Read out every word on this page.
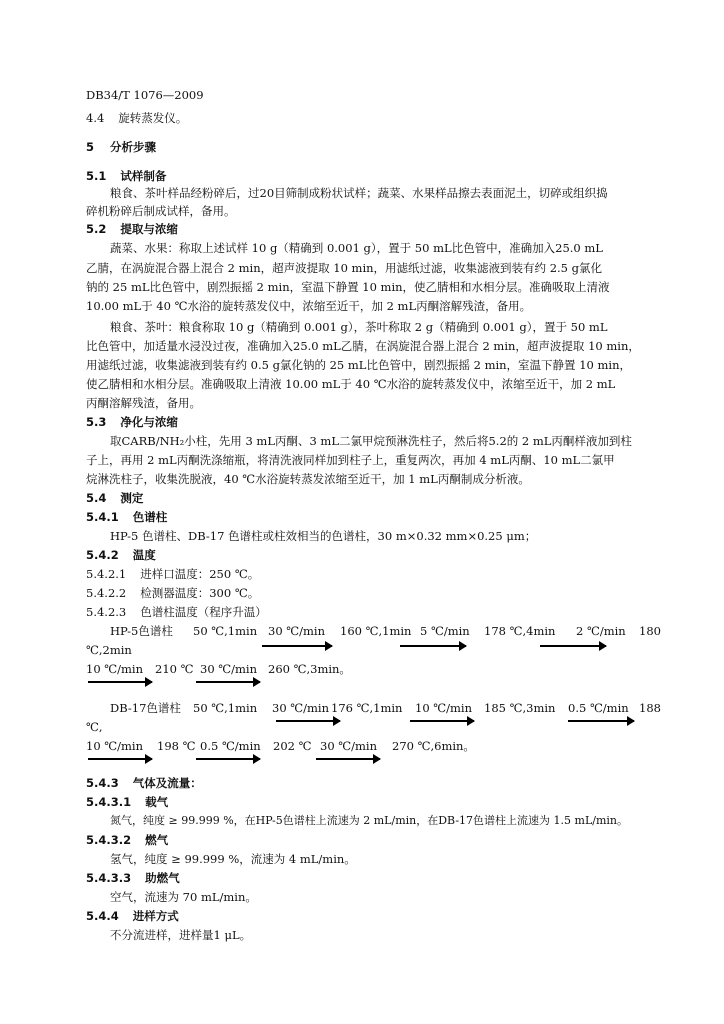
DB34/T 1076—2009
4.4 旋转蒸发仪。
5 分析步骤
5.1 试样制备
粮食、茶叶样品经粉碎后，过20目筛制成粉状试样；蔬菜、水果样品擦去表面泥土，切碎或组织捣
碎机粉碎后制成试样，备用。
5.2 提取与浓缩
蔬菜、水果：称取上述试样 10 g（精确到 0.001 g），置于 50 mL比色管中，准确加入25.0 mL
乙腈，在涡旋混合器上混合 2 min，超声波提取 10 min，用滤纸过滤，收集滤液到装有约 2.5 g氯化
钠的 25 mL比色管中，剧烈振摇 2 min，室温下静置 10 min，使乙腈相和水相分层。准确吸取上清液
10.00 mL于 40 ℃水浴的旋转蒸发仪中，浓缩至近干，加 2 mL丙酮溶解残渣，备用。
粮食、茶叶：粮食称取 10 g（精确到 0.001 g），茶叶称取 2 g（精确到 0.001 g），置于 50 mL
比色管中，加适量水浸没过夜，准确加入25.0 mL乙腈，在涡旋混合器上混合 2 min，超声波提取 10 min，
用滤纸过滤，收集滤液到装有约 0.5 g氯化钠的 25 mL比色管中，剧烈振摇 2 min，室温下静置 10 min，
使乙腈相和水相分层。准确吸取上清液 10.00 mL于 40 ℃水浴的旋转蒸发仪中，浓缩至近干，加 2 mL
丙酮溶解残渣，备用。
5.3 净化与浓缩
取CARB/NH₂小柱，先用 3 mL丙酮、3 mL二氯甲烷预淋洗柱子，然后将5.2的 2 mL丙酮样液加到柱
子上，再用 2 mL丙酮洗涤缩瓶，将清洗液同样加到柱子上，重复两次，再加 4 mL丙酮、10 mL二氯甲
烷淋洗柱子，收集洗脱液，40 ℃水浴旋转蒸发浓缩至近干，加 1 mL丙酮制成分析液。
5.4 测定
5.4.1 色谱柱
HP-5 色谱柱、DB-17 色谱柱或柱效相当的色谱柱，30 m×0.32 mm×0.25 μm；
5.4.2 温度
5.4.2.1 进样口温度：250 ℃。
5.4.2.2 检测器温度：300 ℃。
5.4.2.3 色谱柱温度（程序升温）
HP-5色谱柱 50 ℃,1min 30 ℃/min 160 ℃,1min 5 ℃/min 178 ℃,4min 2 ℃/min 180
℃,2min
10 ℃/min 210 ℃ 30 ℃/min 260 ℃,3min。
DB-17色谱柱 50 ℃,1min 30 ℃/min 176 ℃,1min 10 ℃/min 185 ℃,3min 0.5 ℃/min 188
℃,
10 ℃/min 198 ℃ 0.5 ℃/min 202 ℃ 30 ℃/min 270 ℃,6min。
5.4.3 气体及流量：
5.4.3.1 载气
氮气，纯度 ≥ 99.999 %，在HP-5色谱柱上流速为 2 mL/min，在DB-17色谱柱上流速为 1.5 mL/min。
5.4.3.2 燃气
氢气，纯度 ≥ 99.999 %，流速为 4 mL/min。
5.4.3.3 助燃气
空气，流速为 70 mL/min。
5.4.4 进样方式
不分流进样，进样量1 μL。
